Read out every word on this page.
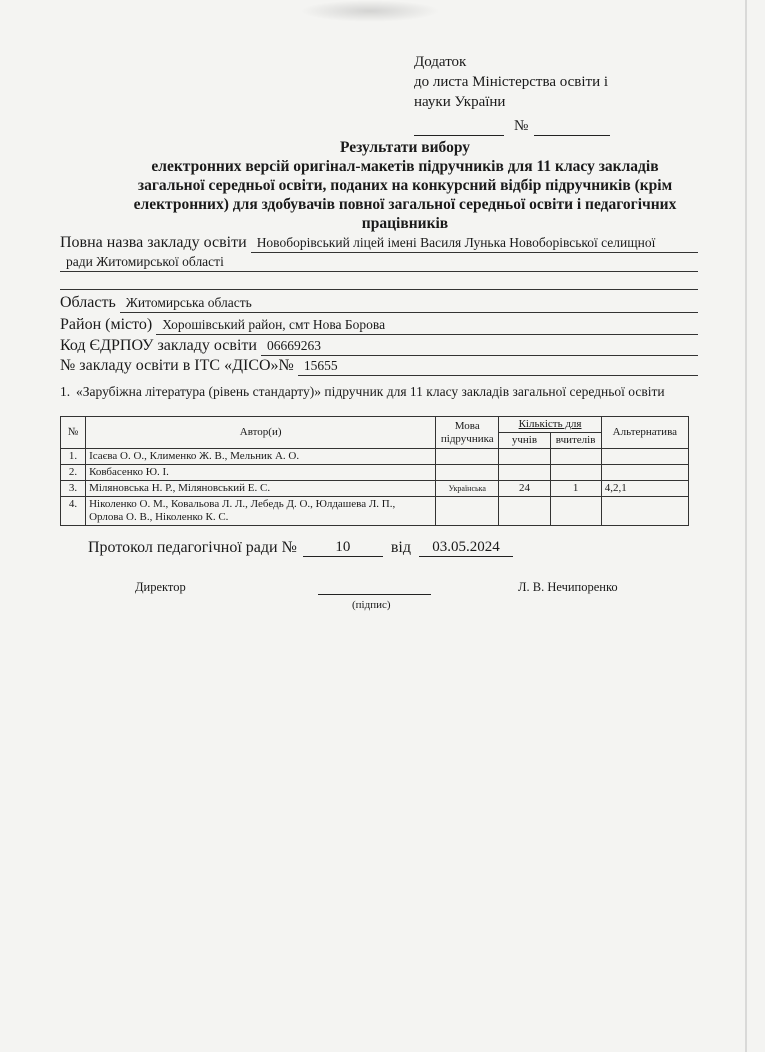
Додаток
до листа Міністерства освіти і
науки України
№
Результати вибору
електронних версій оригінал-макетів підручників для 11 класу закладів
загальної середньої освіти, поданих на конкурсний відбір підручників (крім
електронних) для здобувачів повної загальної середньої освіти і педагогічних
працівників
Повна назва закладу освіти Новоборівський ліцей імені Василя Лунька Новоборівської селищної
ради Житомирської області
Область Житомирська область
Район (місто) Хорошівський район, смт Нова Борова
Код ЄДРПОУ закладу освіти 06669263
№ закладу освіти в ІТС «ДІСО»№ 15655
1. «Зарубіжна література (рівень стандарту)» підручник для 11 класу закладів загальної середньої освіти
№	Автор(и)	Мова підручника	Кількість для		Альтернатива
			учнів	вчителів	
1.	Ісаєва О. О., Клименко Ж. В., Мельник А. О.				
2.	Ковбасенко Ю. І.				
3.	Міляновська Н. Р., Міляновський Е. С.	Українська	24	1	4,2,1
4.	Ніколенко О. М., Ковальова Л. Л., Лебедь Д. О., Юлдашева Л. П., Орлова О. В., Ніколенко К. С.				
Протокол педагогічної ради №	10	від	03.05.2024
Директор
(підпис)
Л. В. Нечипоренко
